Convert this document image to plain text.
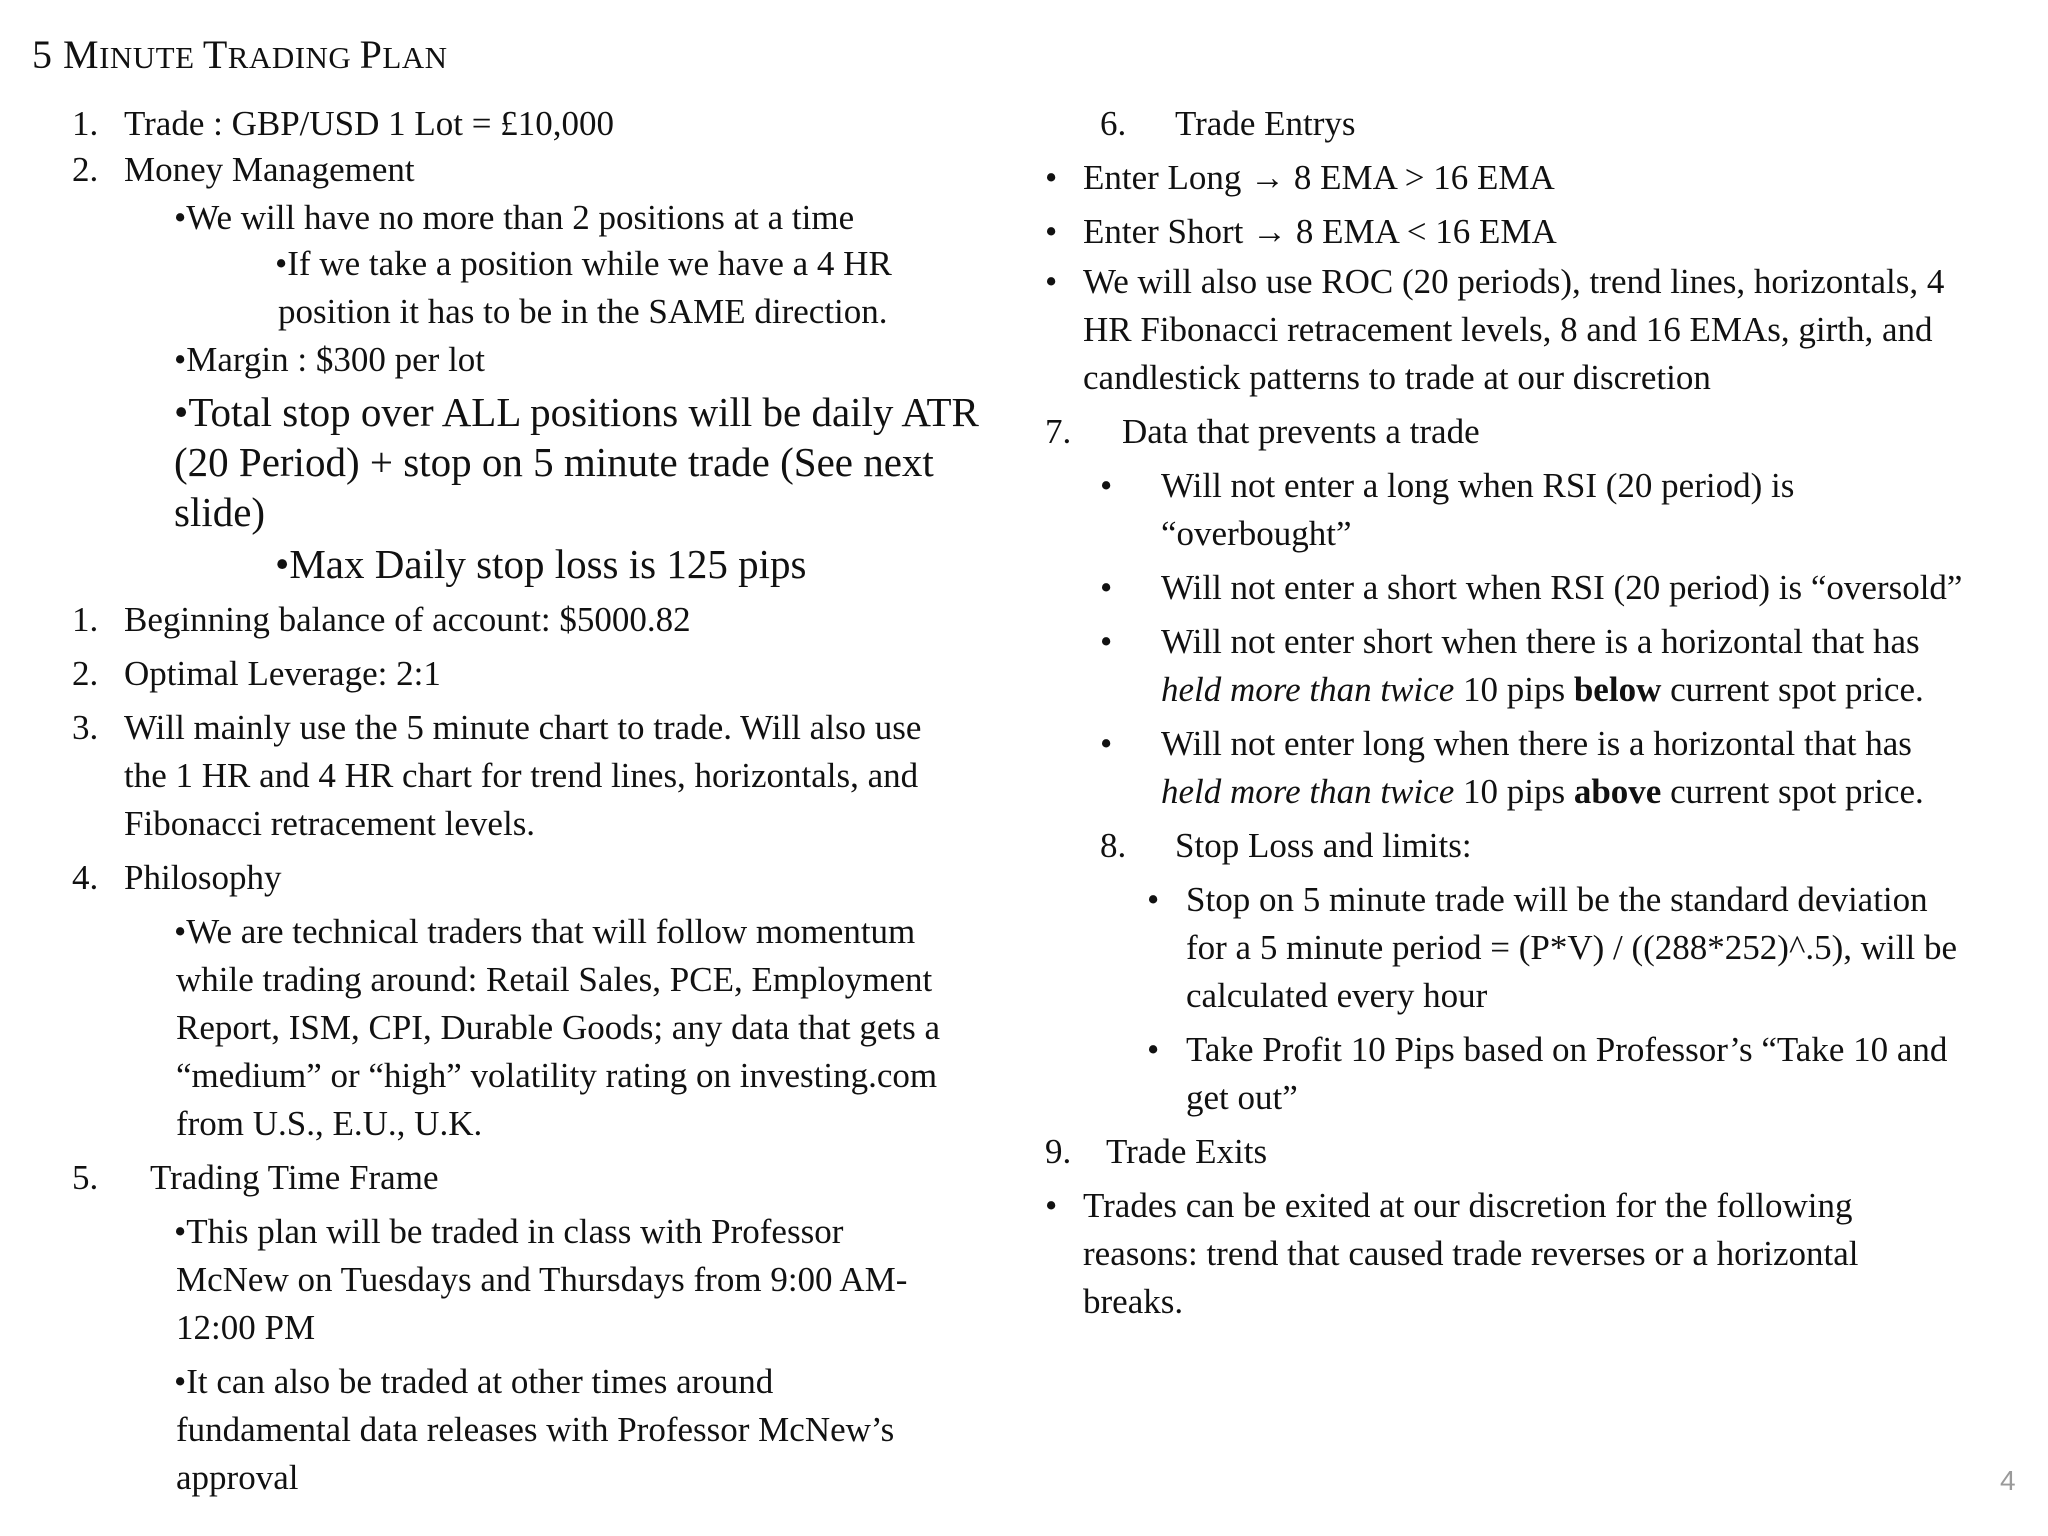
5 MINUTE TRADING PLAN
1. Trade : GBP/USD 1 Lot = £10,000
2. Money Management
•We will have no more than 2 positions at a time
•If we take a position while we have a 4 HR
position it has to be in the SAME direction.
•Margin : $300 per lot
•Total stop over ALL positions will be daily ATR
(20 Period) + stop on 5 minute trade (See next
slide)
•Max Daily stop loss is 125 pips
1. Beginning balance of account: $5000.82
2. Optimal Leverage: 2:1
3. Will mainly use the 5 minute chart to trade. Will also use
the 1 HR and 4 HR chart for trend lines, horizontals, and
Fibonacci retracement levels.
4. Philosophy
•We are technical traders that will follow momentum
while trading around: Retail Sales, PCE, Employment
Report, ISM, CPI, Durable Goods; any data that gets a
“medium” or “high” volatility rating on investing.com
from U.S., E.U., U.K.
5. Trading Time Frame
•This plan will be traded in class with Professor
McNew on Tuesdays and Thursdays from 9:00 AM-
12:00 PM
•It can also be traded at other times around
fundamental data releases with Professor McNew’s
approval
6. Trade Entrys
• Enter Long → 8 EMA > 16 EMA
• Enter Short → 8 EMA < 16 EMA
• We will also use ROC (20 periods), trend lines, horizontals, 4
HR Fibonacci retracement levels, 8 and 16 EMAs, girth, and
candlestick patterns to trade at our discretion
7. Data that prevents a trade
• Will not enter a long when RSI (20 period) is
“overbought”
• Will not enter a short when RSI (20 period) is “oversold”
• Will not enter short when there is a horizontal that has
held more than twice 10 pips below current spot price.
• Will not enter long when there is a horizontal that has
held more than twice 10 pips above current spot price.
8. Stop Loss and limits:
• Stop on 5 minute trade will be the standard deviation
for a 5 minute period = (P*V) / ((288*252)^.5), will be
calculated every hour
• Take Profit 10 Pips based on Professor’s “Take 10 and
get out”
9. Trade Exits
• Trades can be exited at our discretion for the following
reasons: trend that caused trade reverses or a horizontal
breaks.
4
